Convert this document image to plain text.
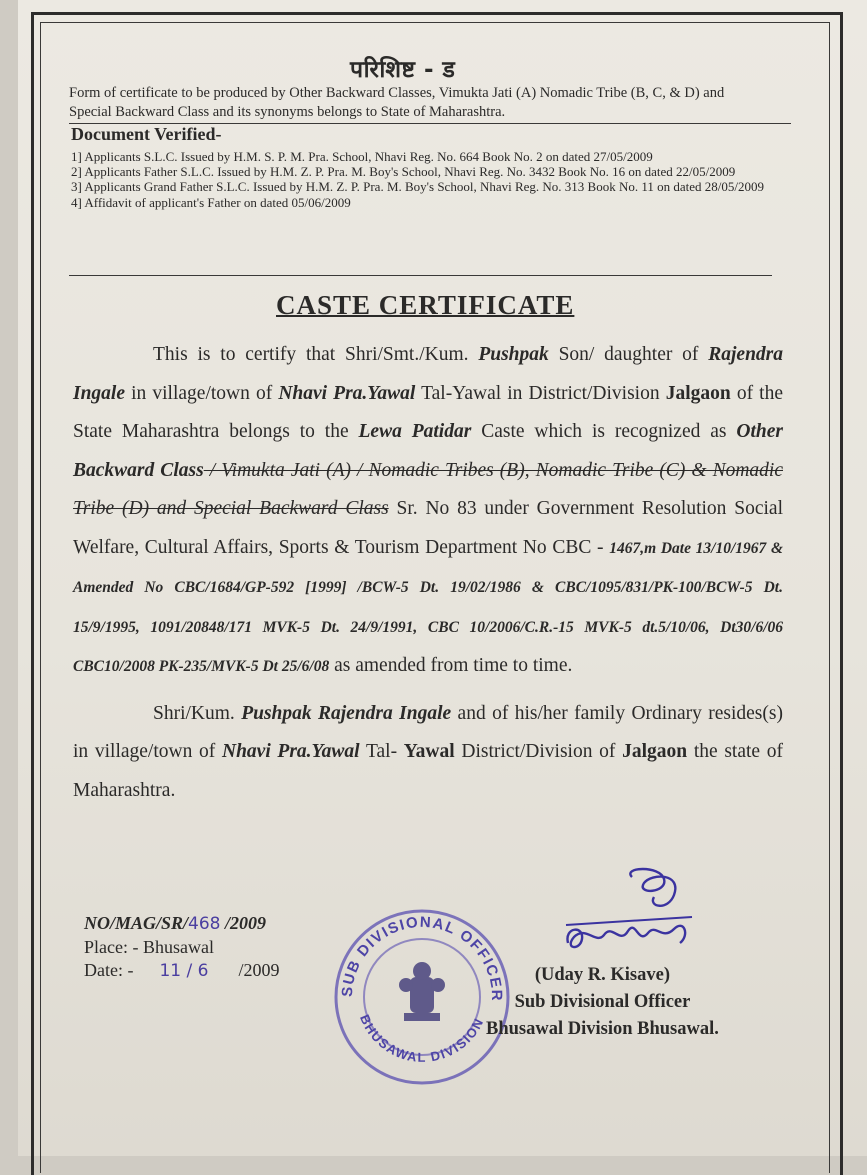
परिशिष्ट - ड
Form of certificate to be produced by Other Backward Classes, Vimukta Jati (A) Nomadic Tribe (B, C, & D) and Special Backward Class and its synonyms belongs to State of Maharashtra.
Document Verified-

1] Applicants S.L.C. Issued by H.M. S. P. M. Pra. School, Nhavi Reg. No. 664 Book No. 2 on dated 27/05/2009

2] Applicants Father S.L.C. Issued by H.M. Z. P. Pra. M. Boy's School, Nhavi Reg. No. 3432 Book No. 16 on dated 22/05/2009

3] Applicants Grand Father S.L.C. Issued by H.M. Z. P. Pra. M. Boy's School, Nhavi Reg. No. 313 Book No. 11 on dated 28/05/2009

4] Affidavit of applicant's Father on dated 05/06/2009

CASTE CERTIFICATE

This is to certify that Shri/Smt./Kum. Pushpak Son/ daughter of Rajendra Ingale in village/town of Nhavi Pra.Yawal Tal-Yawal in District/Division Jalgaon of the State Maharashtra belongs to the Lewa Patidar Caste which is recognized as Other Backward Class / Vimukta Jati (A) / Nomadic Tribes (B), Nomadic Tribe (C) & Nomadic Tribe (D) and Special Backward Class Sr. No 83 under Government Resolution Social Welfare, Cultural Affairs, Sports & Tourism Department No CBC - 1467,m Date 13/10/1967 & Amended No CBC/1684/GP-592 [1999] /BCW-5 Dt. 19/02/1986 & CBC/1095/831/PK-100/BCW-5 Dt. 15/9/1995, 1091/20848/171 MVK-5 Dt. 24/9/1991, CBC 10/2006/C.R.-15 MVK-5 dt.5/10/06, Dt30/6/06 CBC10/2008 PK-235/MVK-5 Dt 25/6/08 as amended from time to time.

Shri/Kum. Pushpak Rajendra Ingale and of his/her family Ordinary resides(s) in village/town of Nhavi Pra.Yawal Tal- Yawal District/Division of Jalgaon the state of Maharashtra.

NO/MAG/SR/468 /2009
Place: - Bhusawal
Date: - 11 / 6 /2009
SUB DIVISIONAL OFFICER
BHUSAWAL DIVISION
(Uday R. Kisave)
Sub Divisional Officer
Bhusawal Division Bhusawal.
